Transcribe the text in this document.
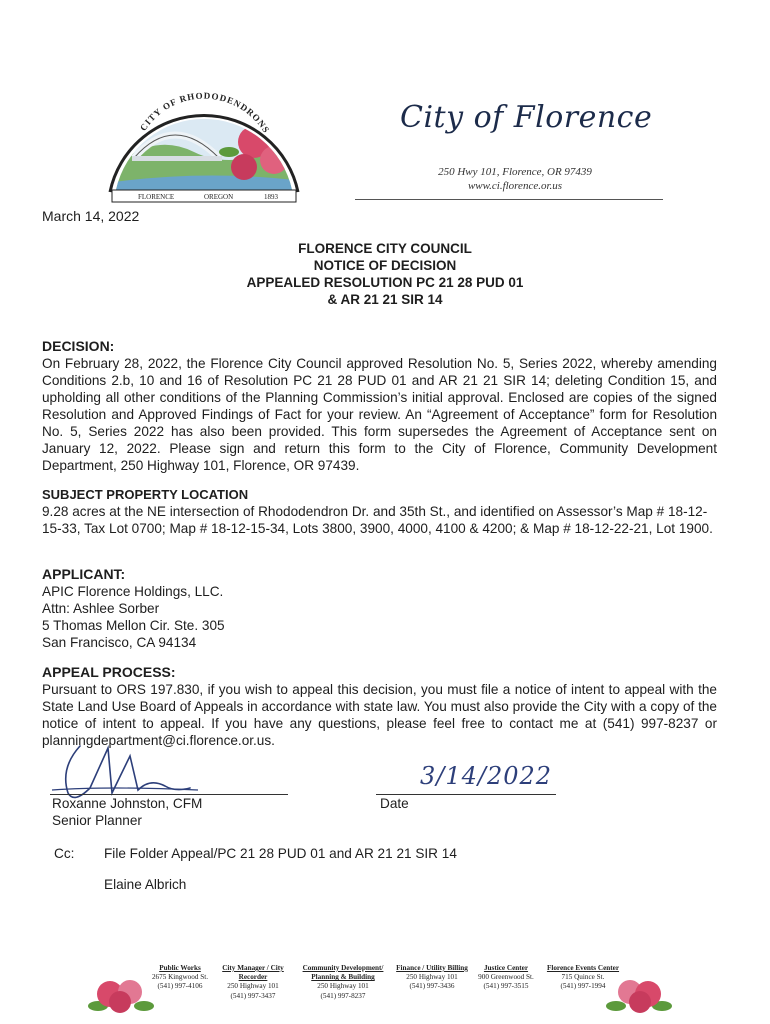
CITY OF RHODODENDRONS
FLORENCE	OREGON	1893
City of Florence
250 Hwy 101, Florence, OR 97439
www.ci.florence.or.us
March 14, 2022
FLORENCE CITY COUNCIL
NOTICE OF DECISION
APPEALED RESOLUTION PC 21 28 PUD 01
& AR 21 21 SIR 14
DECISION:
On February 28, 2022, the Florence City Council approved Resolution No. 5, Series 2022, whereby amending Conditions 2.b, 10 and 16 of Resolution PC 21 28 PUD 01 and AR 21 21 SIR 14; deleting Condition 15, and upholding all other conditions of the Planning Commission’s initial approval. Enclosed are copies of the signed Resolution and Approved Findings of Fact for your review. An “Agreement of Acceptance” form for Resolution No. 5, Series 2022 has also been provided. This form supersedes the Agreement of Acceptance sent on January 12, 2022. Please sign and return this form to the City of Florence, Community Development Department, 250 Highway 101, Florence, OR 97439.
SUBJECT PROPERTY LOCATION
9.28 acres at the NE intersection of Rhododendron Dr. and 35th St., and identified on Assessor’s Map # 18-12-15-33, Tax Lot 0700; Map # 18-12-15-34, Lots 3800, 3900, 4000, 4100 & 4200; & Map # 18-12-22-21, Lot 1900.
APPLICANT:
APIC Florence Holdings, LLC.
Attn: Ashlee Sorber
5 Thomas Mellon Cir. Ste. 305
San Francisco, CA 94134
APPEAL PROCESS:
Pursuant to ORS 197.830, if you wish to appeal this decision, you must file a notice of intent to appeal with the State Land Use Board of Appeals in accordance with state law. You must also provide the City with a copy of the notice of intent to appeal. If you have any questions, please feel free to contact me at (541) 997-8237 or planningdepartment@ci.florence.or.us.
Roxanne Johnston, CFM
Senior Planner
Date
3/14/2022
Cc: File Folder Appeal/PC 21 28 PUD 01 and AR 21 21 SIR 14
Elaine Albrich
Public Works
2675 Kingwood St.
(541) 997-4106
City Manager / City Recorder
250 Highway 101
(541) 997-3437
Community Development/ Planning & Building
250 Highway 101
(541) 997-8237
Finance / Utility Billing
250 Highway 101
(541) 997-3436
Justice Center
900 Greenwood St.
(541) 997-3515
Florence Events Center
715 Quince St.
(541) 997-1994
